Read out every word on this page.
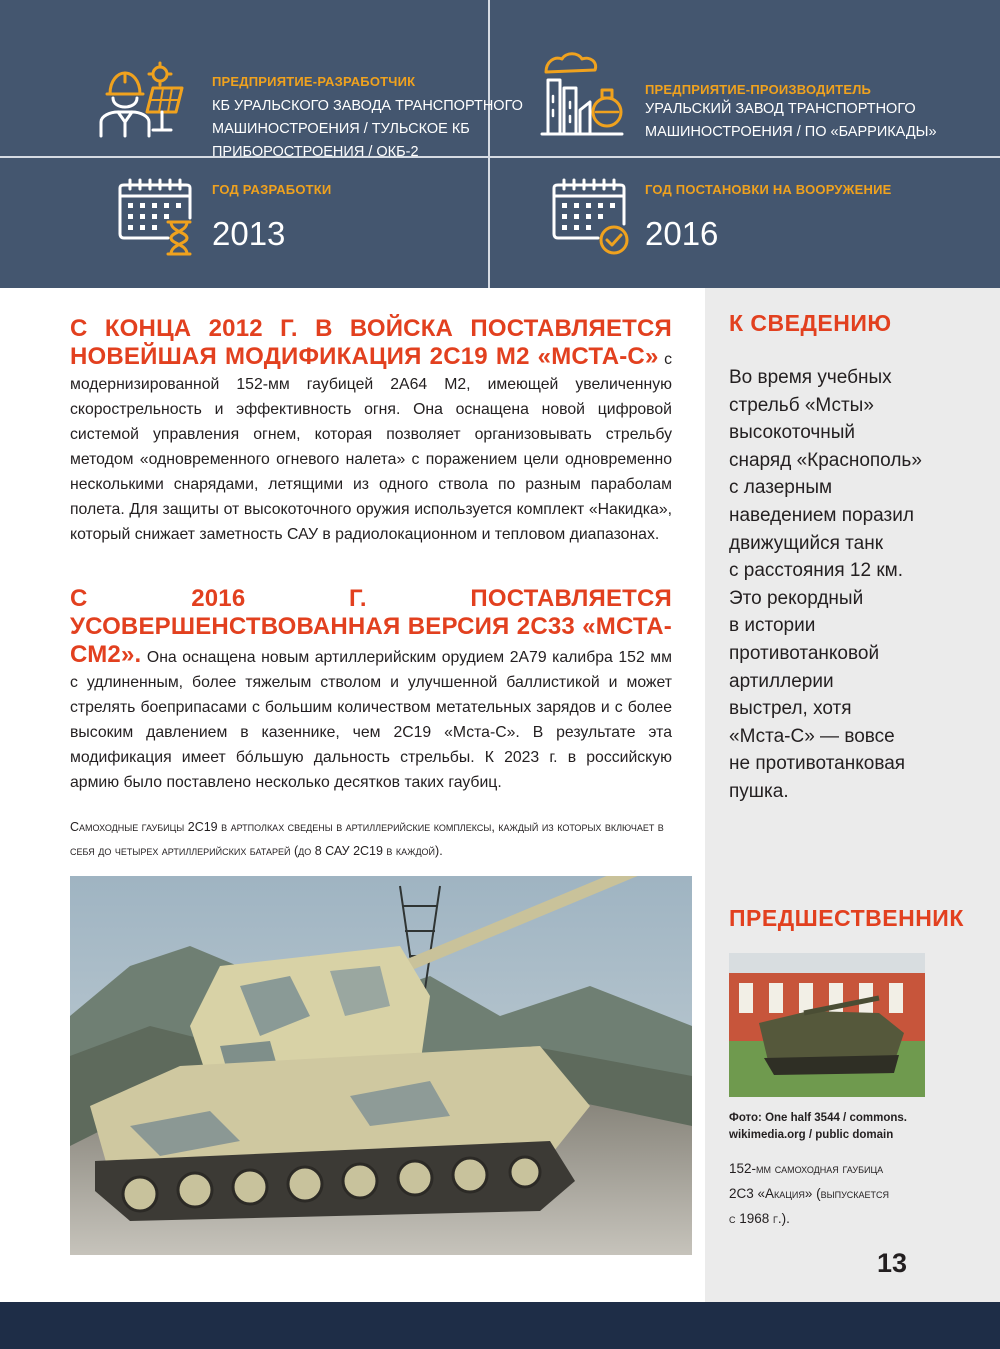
ПРЕДПРИЯТИЕ-РАЗРАБОТЧИК
КБ УРАЛЬСКОГО ЗАВОДА ТРАНСПОРТНОГО
МАШИНОСТРОЕНИЯ / ТУЛЬСКОЕ КБ
ПРИБОРОСТРОЕНИЯ / ОКБ-2
ПРЕДПРИЯТИЕ-ПРОИЗВОДИТЕЛЬ
УРАЛЬСКИЙ ЗАВОД ТРАНСПОРТНОГО
МАШИНОСТРОЕНИЯ / ПО «БАРРИКАДЫ»
ГОД РАЗРАБОТКИ
2013
ГОД ПОСТАНОВКИ НА ВООРУЖЕНИЕ
2016
С КОНЦА 2012 Г. В ВОЙСКА ПОСТАВЛЯЕТСЯ НОВЕЙШАЯ МОДИФИКАЦИЯ 2С19 М2 «МСТА-С» с модернизированной 152-мм гаубицей 2А64 М2, имеющей увеличенную скорострельность и эффективность огня. Она оснащена новой цифровой системой управления огнем, которая позволяет организовывать стрельбу методом «одновременного огневого налета» с поражением цели одновременно несколькими снарядами, летящими из одного ствола по разным параболам полета. Для защиты от высокоточного оружия используется комплект «Накидка», который снижает заметность САУ в радиолокационном и тепловом диапазонах.
С 2016 Г. ПОСТАВЛЯЕТСЯ УСОВЕРШЕНСТВОВАННАЯ ВЕРСИЯ 2С33 «МСТА-СМ2». Она оснащена новым артиллерийским орудием 2А79 калибра 152 мм с удлиненным, более тяжелым стволом и улучшенной баллистикой и может стрелять боеприпасами с большим количеством метательных зарядов и с более высоким давлением в казеннике, чем 2С19 «Мста-С». В результате эта модификация имеет бóльшую дальность стрельбы. К 2023 г. в российскую армию было поставлено несколько десятков таких гаубиц.
Самоходные гаубицы 2С19 в артполках сведены в артиллерийские комплексы, каждый из которых включает в себя до четырех артиллерийских батарей (до 8 САУ 2С19 в каждой).
К СВЕДЕНИЮ
Во время учебных
стрельб «Мсты»
высокоточный
снаряд «Краснополь»
с лазерным
наведением поразил
движущийся танк
с расстояния 12 км.
Это рекордный
в истории
противотанковой
артиллерии
выстрел, хотя
«Мста-С» — вовсе
не противотанковая
пушка.
ПРЕДШЕСТВЕННИК
Фото: One half 3544 / commons.
wikimedia.org / public domain
152-мм самоходная гаубица
2С3 «Акация» (выпускается
с 1968 г.).
13
